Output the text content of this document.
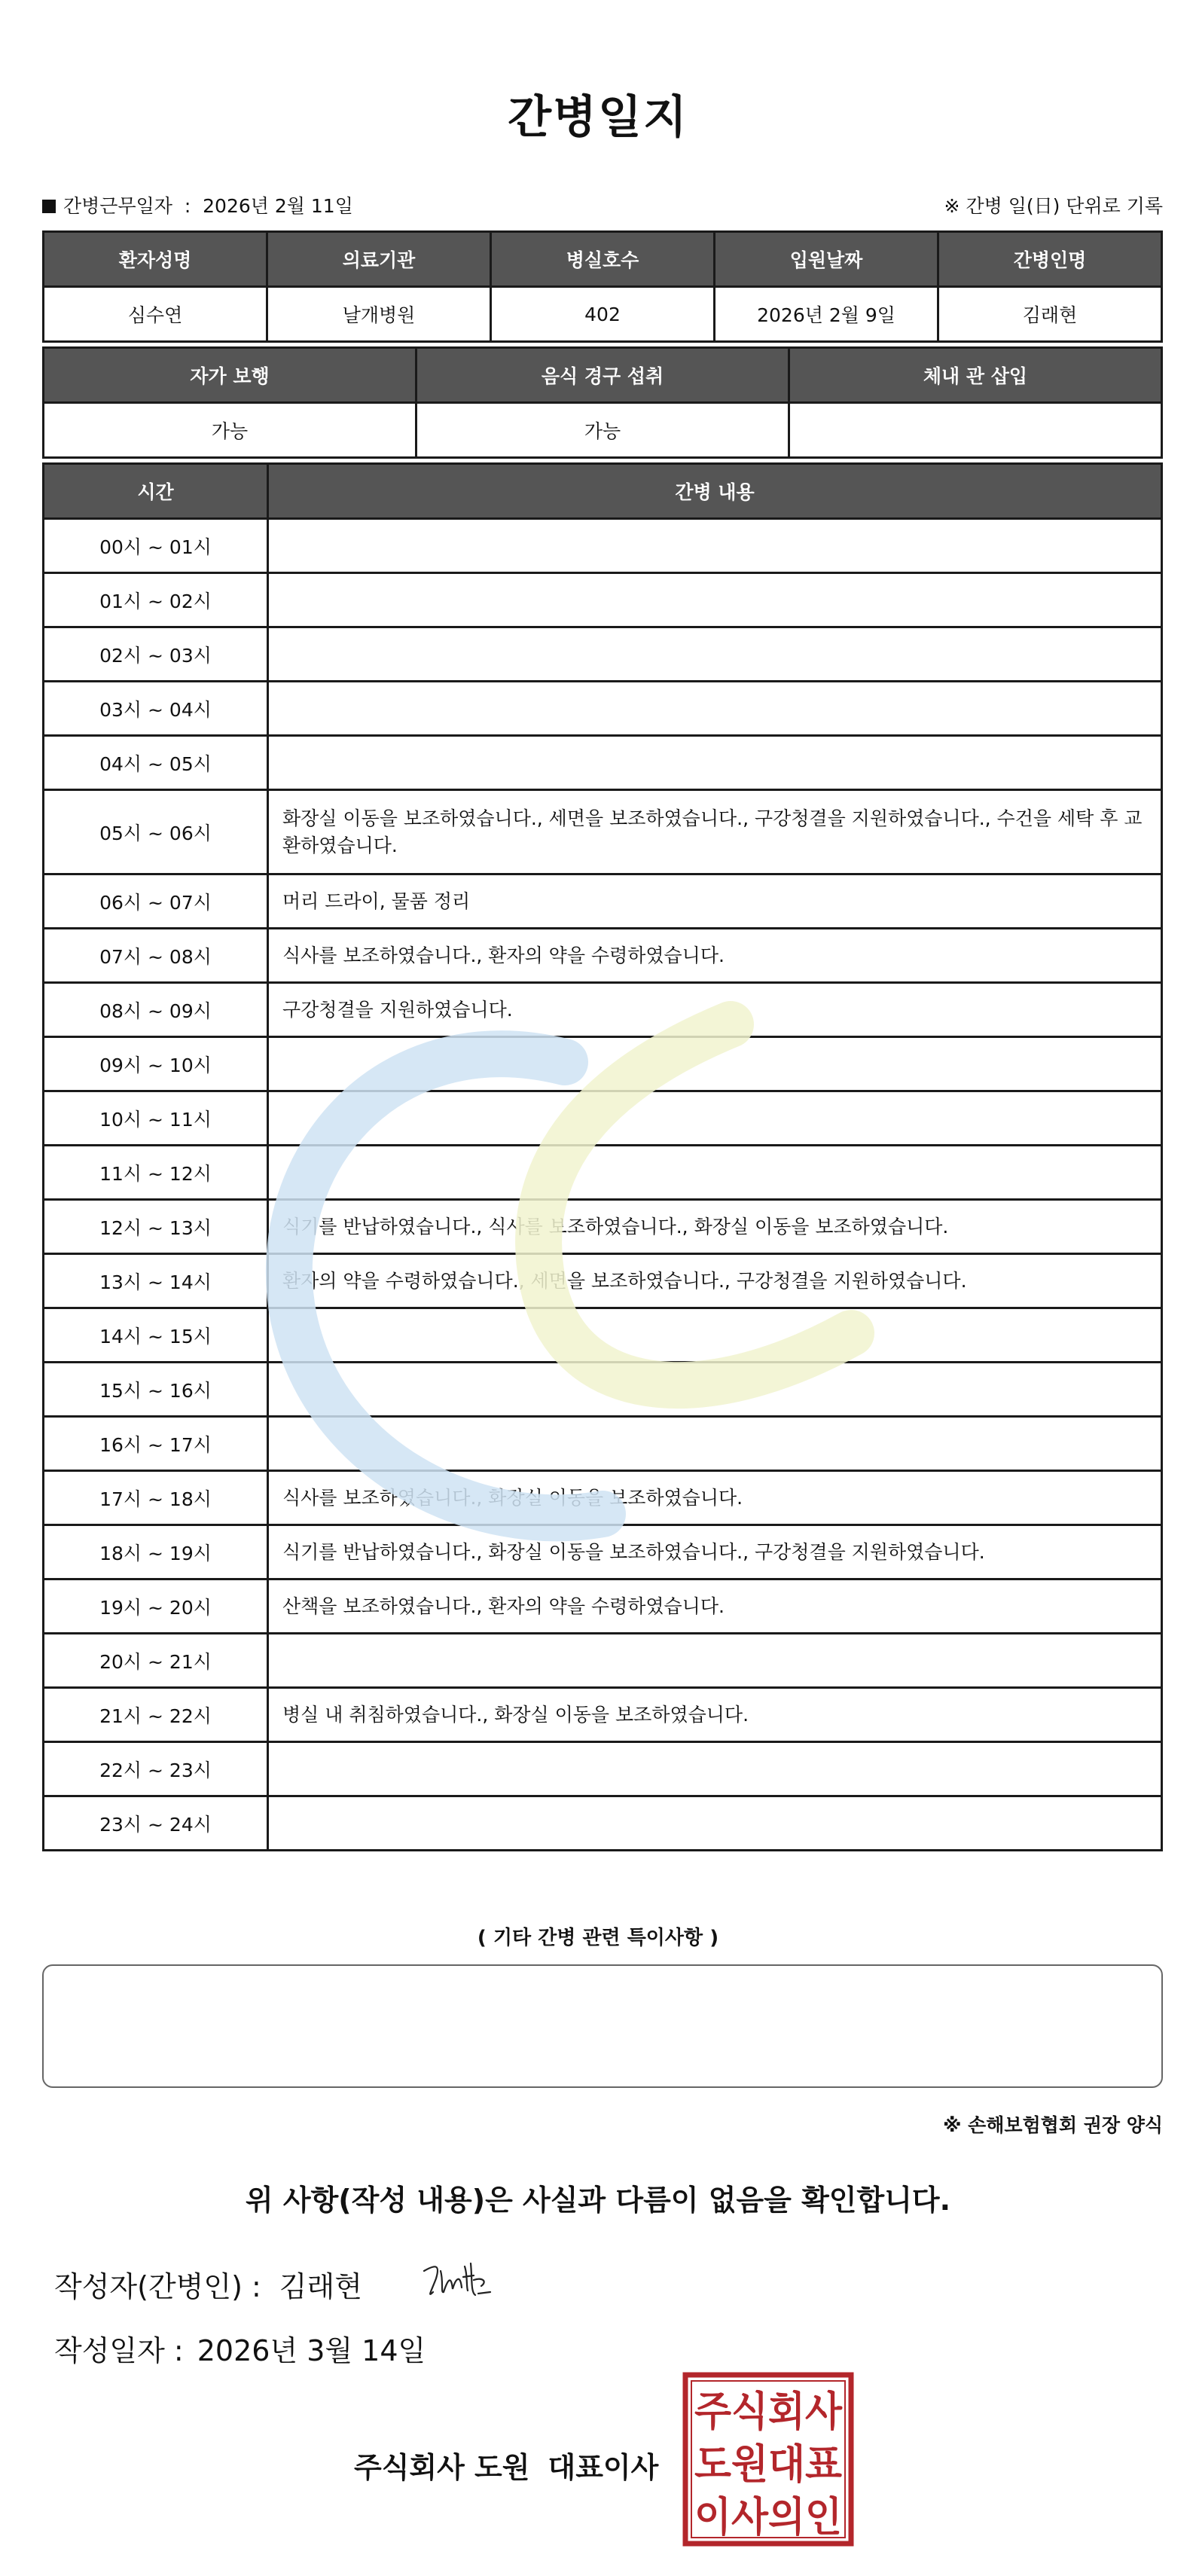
간병일지
간병근무일자 : 2026년 2월 11일	※ 간병 일(日) 단위로 기록
환자성명	의료기관	병실호수	입원날짜	간병인명
심수연	날개병원	402	2026년 2월 9일	김래현
자가 보행	음식 경구 섭취	체내 관 삽입
가능	가능	
시간	간병 내용
00시 ~ 01시	
01시 ~ 02시	
02시 ~ 03시	
03시 ~ 04시	
04시 ~ 05시	
05시 ~ 06시	화장실 이동을 보조하였습니다., 세면을 보조하였습니다., 구강청결을 지원하였습니다., 수건을 세탁 후 교환하였습니다.
06시 ~ 07시	머리 드라이, 물품 정리
07시 ~ 08시	식사를 보조하였습니다., 환자의 약을 수령하였습니다.
08시 ~ 09시	구강청결을 지원하였습니다.
09시 ~ 10시	
10시 ~ 11시	
11시 ~ 12시	
12시 ~ 13시	식기를 반납하였습니다., 식사를 보조하였습니다., 화장실 이동을 보조하였습니다.
13시 ~ 14시	환자의 약을 수령하였습니다., 세면을 보조하였습니다., 구강청결을 지원하였습니다.
14시 ~ 15시	
15시 ~ 16시	
16시 ~ 17시	
17시 ~ 18시	식사를 보조하였습니다., 화장실 이동을 보조하였습니다.
18시 ~ 19시	식기를 반납하였습니다., 화장실 이동을 보조하였습니다., 구강청결을 지원하였습니다.
19시 ~ 20시	산책을 보조하였습니다., 환자의 약을 수령하였습니다.
20시 ~ 21시	
21시 ~ 22시	병실 내 취침하였습니다., 화장실 이동을 보조하였습니다.
22시 ~ 23시	
23시 ~ 24시	
( 기타 간병 관련 특이사항 )
※ 손해보험협회 권장 양식
위 사항(작성 내용)은 사실과 다름이 없음을 확인합니다.
작성자(간병인) : 김래현
작성일자 : 2026년 3월 14일
주식회사 도원 대표이사
주식회사
도원대표
이사의인
